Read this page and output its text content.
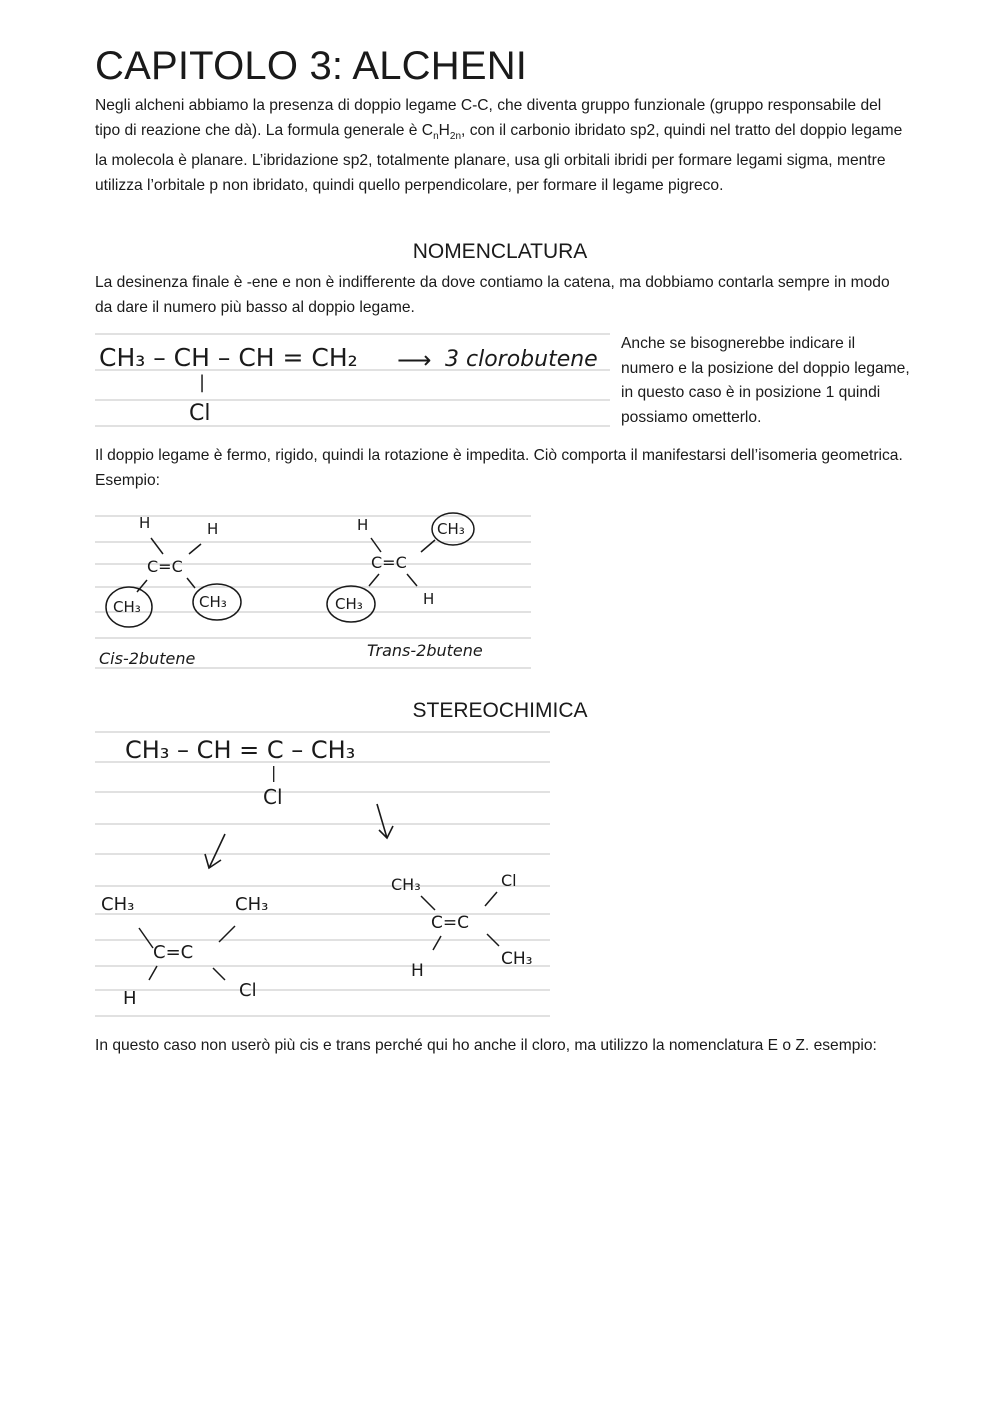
CAPITOLO 3: ALCHENI

Negli alcheni abbiamo la presenza di doppio legame C-C, che diventa gruppo funzionale (gruppo responsabile del tipo di reazione che dà). La formula generale è $C_nH_{2n}$, con il carbonio ibridato sp2, quindi nel tratto del doppio legame la molecola è planare. L’ibridazione sp2, totalmente planare, usa gli orbitali ibridi per formare legami sigma, mentre utilizza l’orbitale p non ibridato, quindi quello perpendicolare, per formare il legame pigreco.

NOMENCLATURA

La desinenza finale è -ene e non è indifferente da dove contiamo la catena, ma dobbiamo contarla sempre in modo da dare il numero più basso al doppio legame.

CH₃ – CH – CH = CH₂ ⟶ 3 clorobutene
|
Cl

Anche se bisognerebbe indicare il numero e la posizione del doppio legame, in questo caso è in posizione 1 quindi possiamo ometterlo.

Il doppio legame è fermo, rigido, quindi la rotazione è impedita. Ciò comporta il manifestarsi dell’isomeria geometrica. Esempio:

H	H
C=C
CH₃	CH₃
Cis-2butene
H	CH₃
C=C
CH₃	H
Trans-2butene
STEREOCHIMICA
CH₃ – CH = C – CH₃
|
Cl
CH₃	CH₃
C=C
H	Cl
CH₃	Cl
C=C
H
CH₃

In questo caso non userò più cis e trans perché qui ho anche il cloro, ma utilizzo la nomenclatura E o Z. esempio:
